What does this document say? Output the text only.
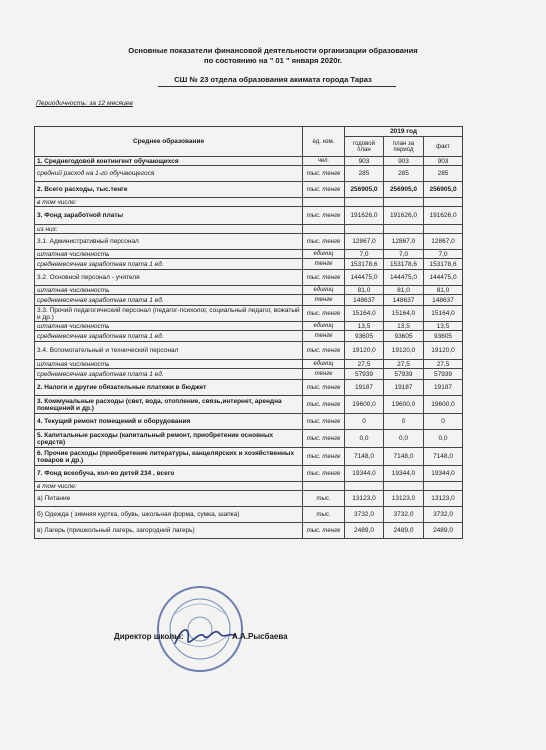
Основные показатели финансовой деятельности организации образования
по состоянию на " 01 " января 2020г.
СШ № 23 отдела образования акимата города Тараз
Периодичность: за 12 месяцев
Среднее образование	ед. изм.	2019 год		
		годовой план	план за период	факт
1. Среднегодовой контингент обучающихся	чел.	903	903	903
средний расход на 1-го обучающегося	тыс. тенге	285	285	285
2. Всего расходы, тыс.тенге	тыс. тенге	256905,0	256905,0	256905,0
в том числе:				
3. Фонд заработной платы	тыс. тенге	191626,0	191626,0	191626,0
из них:				
3.1. Административный персонал	тыс. тенге	12867,0	12867,0	12867,0
штатная численность	единиц	7,0	7,0	7,0
среднемесячная заработная плата 1 ед.	тенге	153178,6	153178,6	153178,6
3.2. Основной персонал - учителя	тыс. тенге	144475,0	144475,0	144475,0
штатная численность	единиц	81,0	81,0	81,0
среднемесячная заработная плата 1 ед.	тенге	148637	148637	148637
3.3. Прочий педагогический персонал (педагог-психолог, социальный педагог, вожатый и др.)	тыс. тенге	15164,0	15164,0	15164,0
штатная численность	единиц	13,5	13,5	13,5
среднемесячная заработная плата 1 ед.	тенге	93605	93605	93605
3.4. Вспомогательный и технический персонал	тыс. тенге	19120,0	19120,0	19120,0
штатная численность	единиц	27,5	27,5	27,5
среднемесячная заработная плата 1 ед.	тенге	57939	57939	57939
2. Налоги и другие обязательные платежи в бюджет	тыс. тенге	19187	19187	19187
3. Коммунальные расходы (свет, вода, отопление, связь,интернет, арендна помещений и др.)	тыс. тенге	19600,0	19600,0	19600,0
4. Текущий ремонт помещений и оборудования	тыс. тенге	0	0	0
5. Капитальные расходы (капитальный ремонт, приобретение основных средств)	тыс. тенге	0,0	0,0	0,0
6. Прочие расходы (приобретение литературы, канцелярских и хозяйственных товаров и др.)	тыс. тенге	7148,0	7148,0	7148,0
7. Фонд всеобуча, кол-во детей 234 , всего	тыс. тенге	19344,0	19344,0	19344,0
в том числе:				
а) Питание	тыс.	13123,0	13123,0	13123,0
б) Одежда ( зимняя куртка, обувь, школьная форма, сумка, шапка)	тыс.	3732,0	3732,0	3732,0
в) Лагерь (пришкольный лагерь, загородний лагерь)	тыс. тенге	2489,0	2489,0	2489,0
Директор школы:	А.А.Рысбаева
